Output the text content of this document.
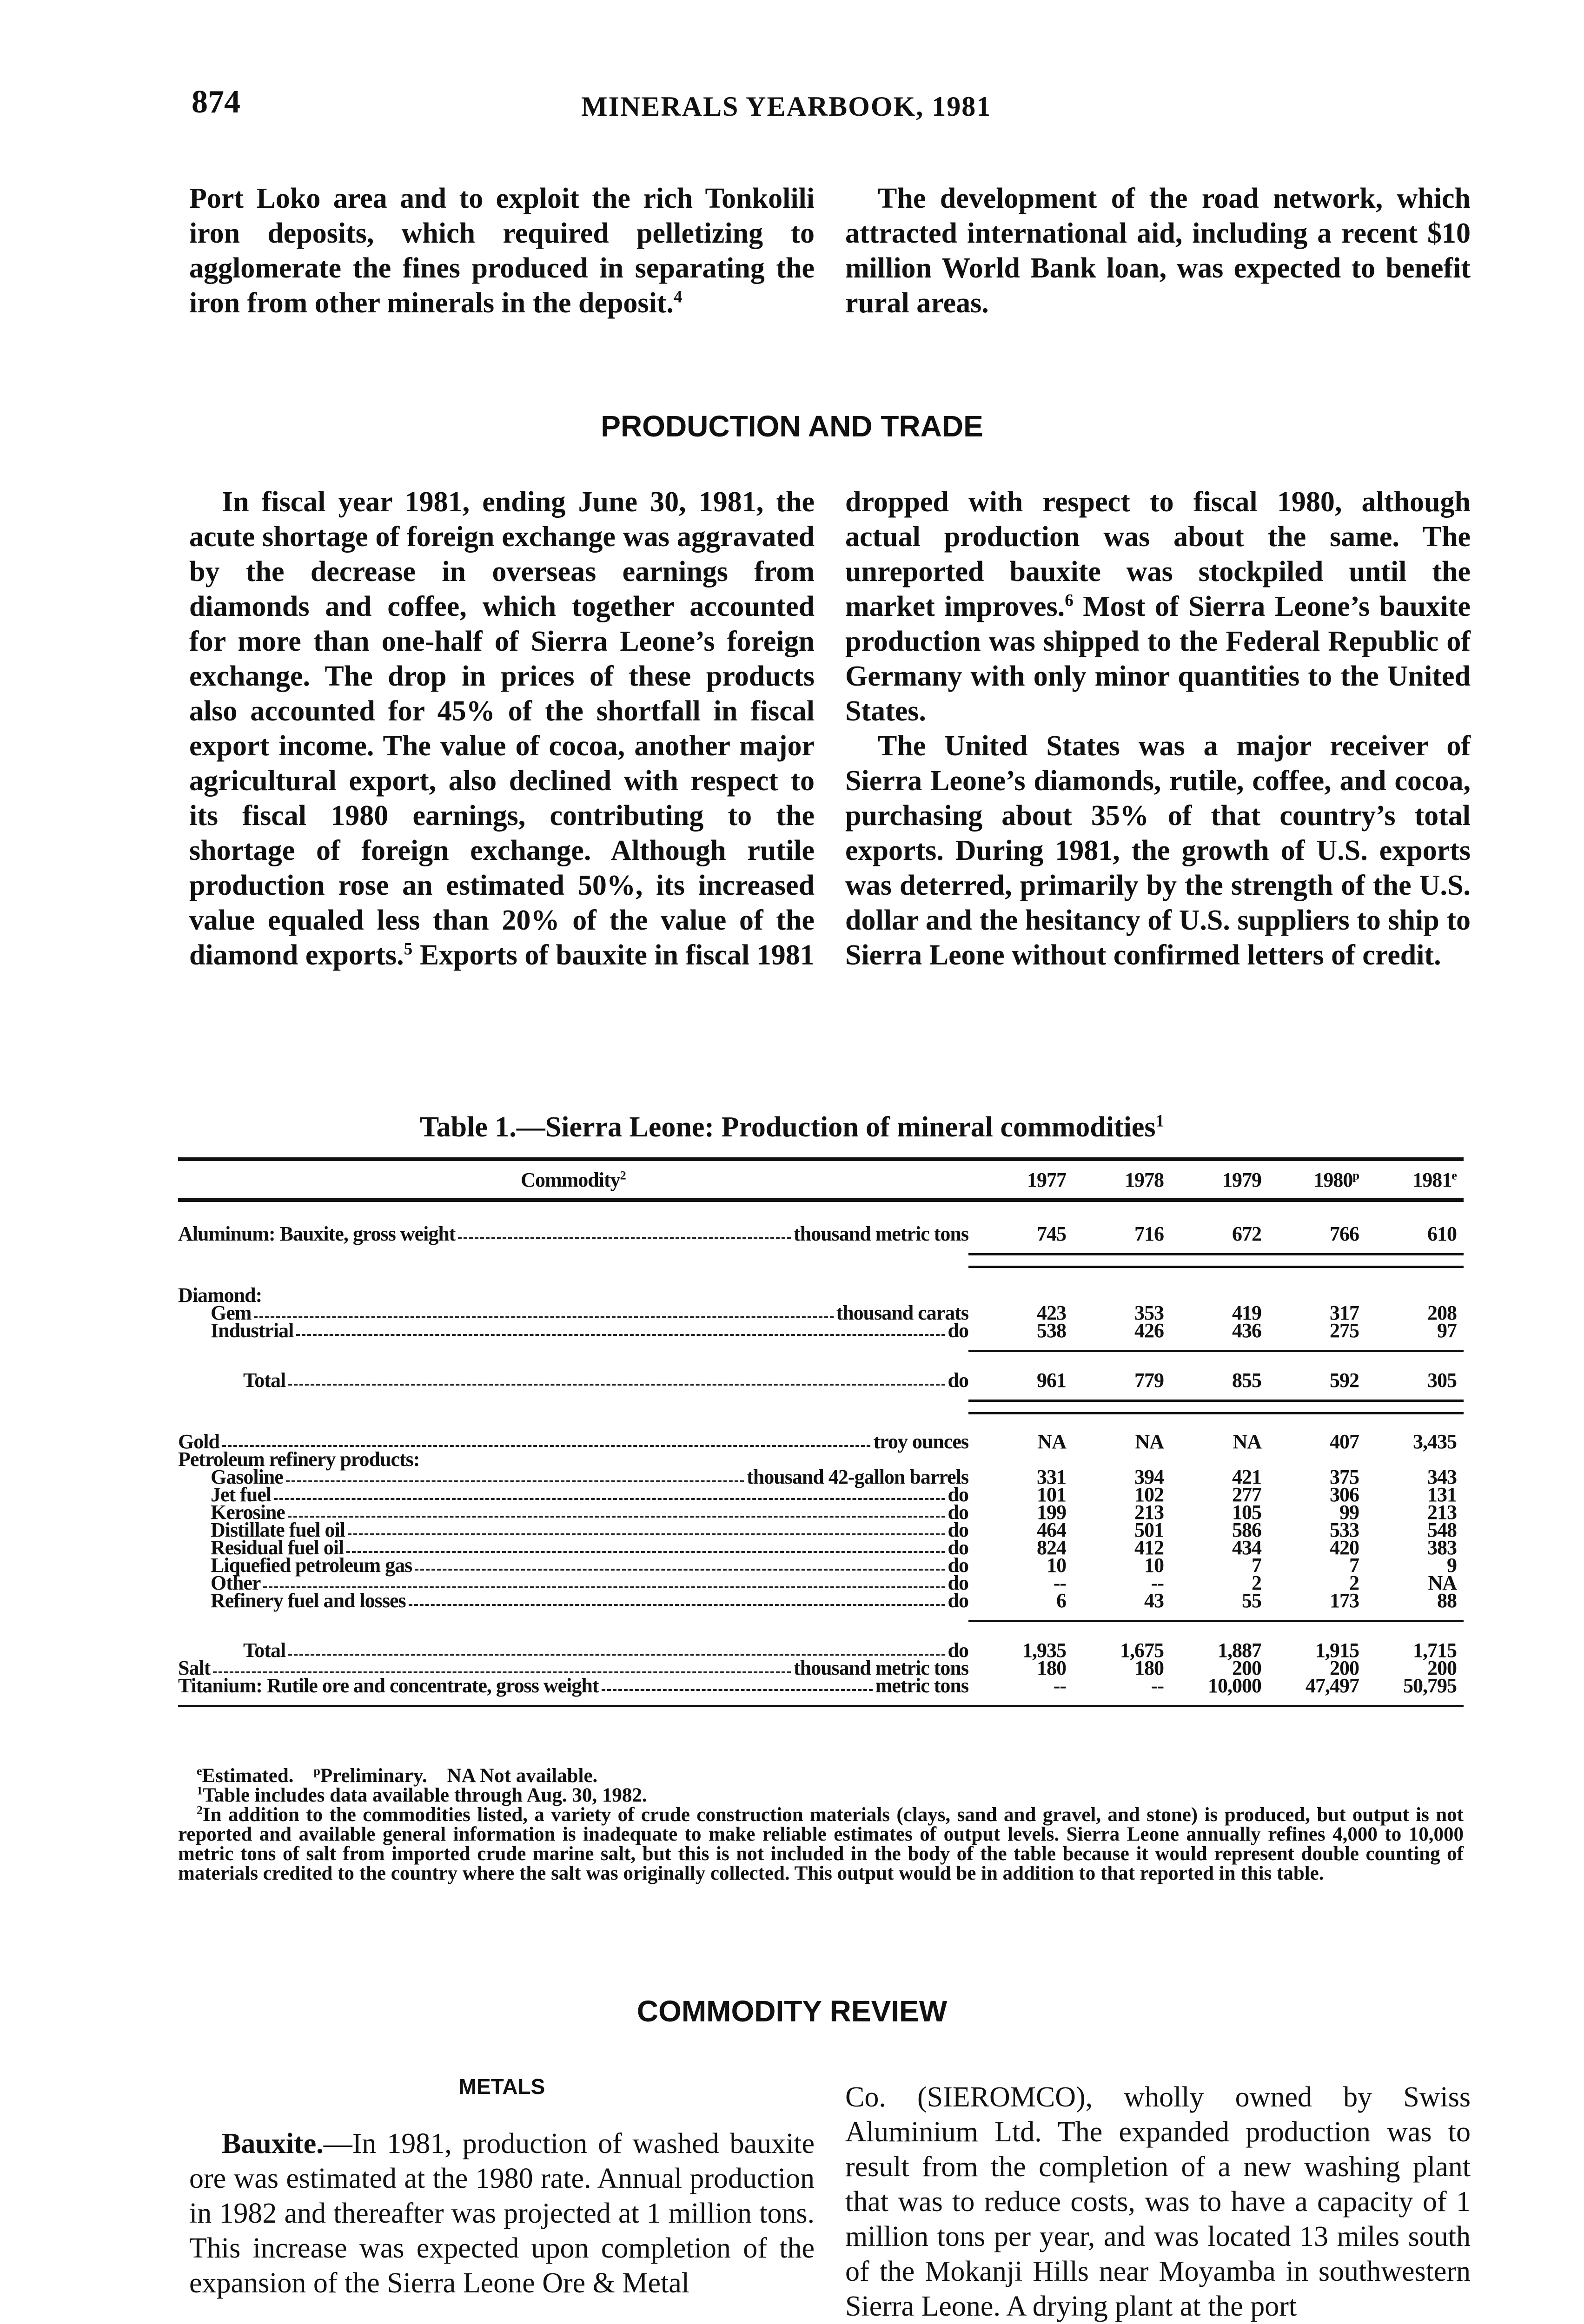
874	MINERALS YEARBOOK, 1981

Port Loko area and to exploit the rich Tonkolili iron deposits, which required pelletizing to agglomerate the fines produced in separating the iron from other minerals in the deposit.$^4$

The development of the road network, which attracted international aid, including a recent $10 million World Bank loan, was expected to benefit rural areas.

PRODUCTION AND TRADE

In fiscal year 1981, ending June 30, 1981, the acute shortage of foreign exchange was aggravated by the decrease in overseas earnings from diamonds and coffee, which together accounted for more than one-half of Sierra Leone’s foreign exchange. The drop in prices of these products also accounted for 45% of the shortfall in fiscal export income. The value of cocoa, another major agricultural export, also declined with respect to its fiscal 1980 earnings, contributing to the shortage of foreign exchange. Although rutile production rose an estimated 50%, its increased value equaled less than 20% of the value of the diamond exports.$^5$ Exports of bauxite in fiscal 1981

dropped with respect to fiscal 1980, although actual production was about the same. The unreported bauxite was stockpiled until the market improves.$^6$ Most of Sierra Leone’s bauxite production was shipped to the Federal Republic of Germany with only minor quantities to the United States.

The United States was a major receiver of Sierra Leone’s diamonds, rutile, coffee, and cocoa, purchasing about 35% of that country’s total exports. During 1981, the growth of U.S. exports was deterred, primarily by the strength of the U.S. dollar and the hesitancy of U.S. suppliers to ship to Sierra Leone without confirmed letters of credit.

Table 1.—Sierra Leone: Production of mineral commodities$^1$
Commodity$^2$	1977	1978	1979	1980$^p$	1981e
Aluminum: Bauxite, gross weight	thousand metric tons	745	716	672	766	610
Diamond:
Gem	thousand carats	423	353	419	317	208
Industrial	do	538	426	436	275	97
Total	do	961	779	855	592	305
Gold	troy ounces	NA	NA	NA	407	3,435
Petroleum refinery products:
Gasoline	thousand 42-gallon barrels	331	394	421	375	343
Jet fuel	do	101	102	277	306	131
Kerosine	do	199	213	105	99	213
Distillate fuel oil	do	464	501	586	533	548
Residual fuel oil	do	824	412	434	420	383
Liquefied petroleum gas	do	10	10	7	7	9
Other	do	--	--	2	2	NA
Refinery fuel and losses	do	6	43	55	173	88
Total	do	1,935	1,675	1,887	1,915	1,715
Salt	thousand metric tons	180	180	200	200	200
Titanium: Rutile ore and concentrate, gross weight	metric tons	--	--	10,000	47,497	50,795
$^e$Estimated. $^p$Preliminary. NA Not available.

$^1$Table includes data available through Aug. 30, 1982.

$^2$In addition to the commodities listed, a variety of crude construction materials (clays, sand and gravel, and stone) is produced, but output is not reported and available general information is inadequate to make reliable estimates of output levels. Sierra Leone annually refines 4,000 to 10,000 metric tons of salt from imported crude marine salt, but this is not included in the body of the table because it would represent double counting of materials credited to the country where the salt was originally collected. This output would be in addition to that reported in this table.

COMMODITY REVIEW
METALS

Bauxite.—In 1981, production of washed bauxite ore was estimated at the 1980 rate. Annual production in 1982 and thereafter was projected at 1 million tons. This increase was expected upon completion of the expansion of the Sierra Leone Ore & Metal

Co. (SIEROMCO), wholly owned by Swiss Aluminium Ltd. The expanded production was to result from the completion of a new washing plant that was to reduce costs, was to have a capacity of 1 million tons per year, and was located 13 miles south of the Mokanji Hills near Moyamba in southwestern Sierra Leone. A drying plant at the port
